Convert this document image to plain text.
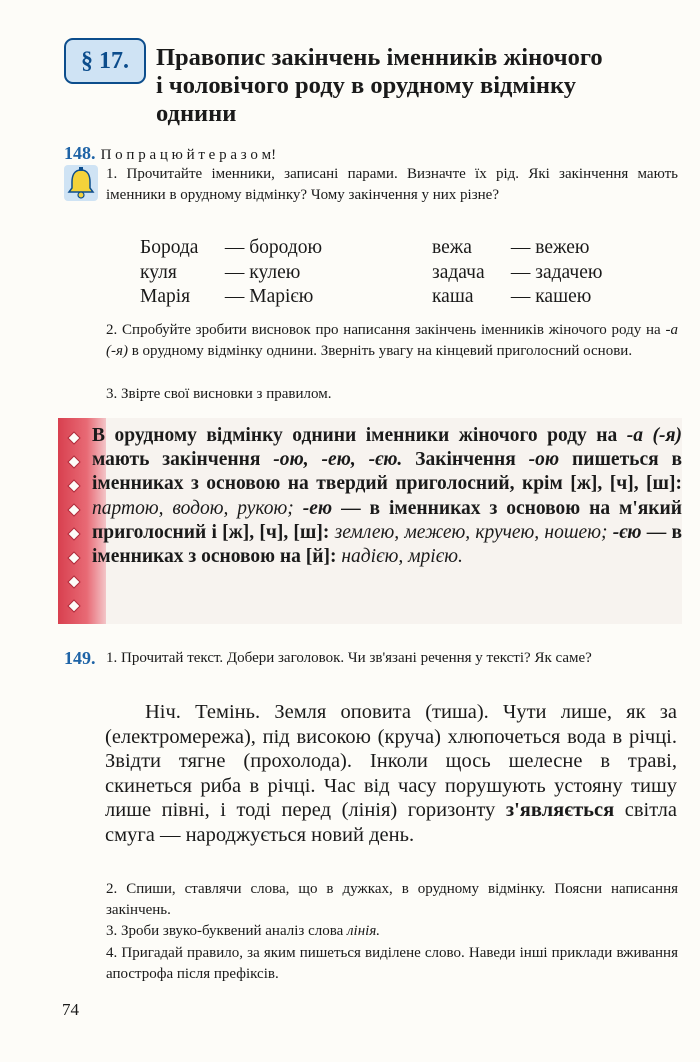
§ 17.	Правопис закінчень іменників жіночого
і чоловічого роду в орудному відмінку
однини
148. П о п р а ц ю й т е р а з о м!
1. Прочитайте іменники, записані парами. Визначте їх рід. Які закінчення мають іменники в орудному відмінку? Чому закінчення у них різне?
Борода — бородою
куля — кулею
Марія — Марією
вежа — вежею
задача — задачею
каша — кашею
2. Спробуйте зробити висновок про написання закінчень іменників жіночого роду на -а (-я) в орудному відмінку однини. Зверніть увагу на кінцевий приголосний основи.
3. Звірте свої висновки з правилом.
В орудному відмінку однини іменники жіночого роду на -а (-я) мають закінчення -ою, -ею, -єю. Закінчення -ою пишеться в іменниках з основою на твердий приголосний, крім [ж], [ч], [ш]: партою, водою, рукою; -ею — в іменниках з основою на м'який приголосний і [ж], [ч], [ш]: землею, межею, кручею, ношею; -єю — в іменниках з основою на [й]: надією, мрією.
149. 1. Прочитай текст. Добери заголовок. Чи зв'язані речення у тексті? Як саме?
Ніч. Темінь. Земля оповита (тиша). Чути лише, як за (електромережа), під високою (круча) хлюпочеться вода в річці. Звідти тягне (прохолода). Інколи щось шелесне в траві, скинеться риба в річці. Час від часу порушують устояну тишу лише півні, і тоді перед (лінія) горизонту з'являється світла смуга — народжується новий день.
2. Спиши, ставлячи слова, що в дужках, в орудному відмінку. Поясни написання закінчень.
3. Зроби звуко-буквений аналіз слова лінія.
4. Пригадай правило, за яким пишеться виділене слово. Наведи інші приклади вживання апострофа після префіксів.
74
